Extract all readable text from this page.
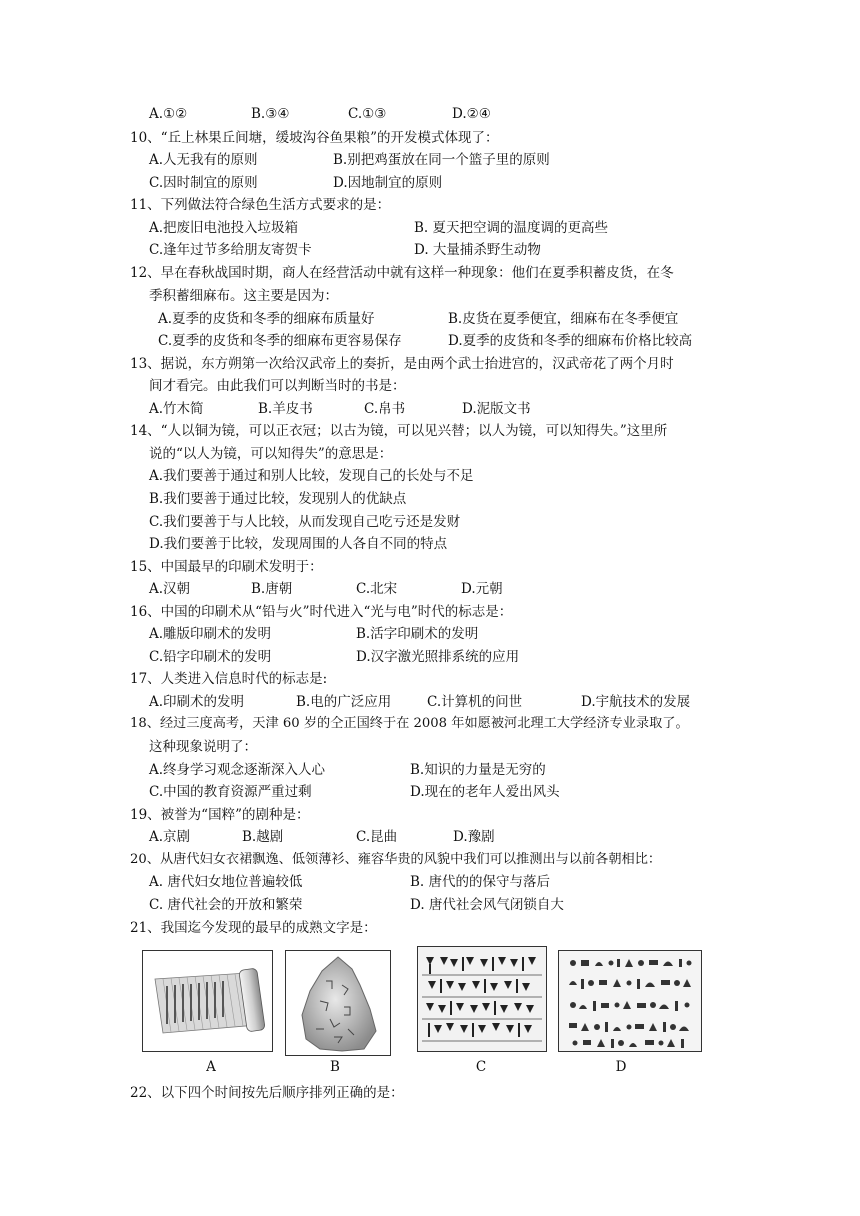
A.①②	B.③④	C.①③	D.②④
10、“丘上林果丘间塘，缓坡沟谷鱼果粮”的开发模式体现了：
A.人无我有的原则	B.别把鸡蛋放在同一个篮子里的原则
C.因时制宜的原则	D.因地制宜的原则
11、下列做法符合绿色生活方式要求的是：
A.把废旧电池投入垃圾箱	B. 夏天把空调的温度调的更高些
C.逢年过节多给朋友寄贺卡	D. 大量捕杀野生动物
12、早在春秋战国时期，商人在经营活动中就有这样一种现象：他们在夏季积蓄皮货，在冬
季积蓄细麻布。这主要是因为：
A.夏季的皮货和冬季的细麻布质量好	B.皮货在夏季便宜，细麻布在冬季便宜
C.夏季的皮货和冬季的细麻布更容易保存	D.夏季的皮货和冬季的细麻布价格比较高
13、据说，东方朔第一次给汉武帝上的奏折，是由两个武士抬进宫的，汉武帝花了两个月时
间才看完。由此我们可以判断当时的书是：
A.竹木简	B.羊皮书	C.帛书	D.泥版文书
14、“人以铜为镜，可以正衣冠；以古为镜，可以见兴替；以人为镜，可以知得失。”这里所
说的“以人为镜，可以知得失”的意思是：
A.我们要善于通过和别人比较，发现自己的长处与不足
B.我们要善于通过比较，发现别人的优缺点
C.我们要善于与人比较，从而发现自己吃亏还是发财
D.我们要善于比较，发现周围的人各自不同的特点
15、中国最早的印刷术发明于：
A.汉朝	B.唐朝	C.北宋	D.元朝
16、中国的印刷术从“铅与火”时代进入“光与电”时代的标志是：
A.雕版印刷术的发明	B.活字印刷术的发明
C.铅字印刷术的发明	D.汉字激光照排系统的应用
17、人类进入信息时代的标志是:
A.印刷术的发明	B.电的广泛应用	C.计算机的问世	D.宇航技术的发展
18、经过三度高考，天津 60 岁的仝正国终于在 2008 年如愿被河北理工大学经济专业录取了。
这种现象说明了：
A.终身学习观念逐渐深入人心	B.知识的力量是无穷的
C.中国的教育资源严重过剩	D.现在的老年人爱出风头
19、被誉为“国粹”的剧种是：
A.京剧	B.越剧	C.昆曲	D.豫剧
20、从唐代妇女衣裙飘逸、低领薄衫、雍容华贵的风貌中我们可以推测出与以前各朝相比：
A. 唐代妇女地位普遍较低	B. 唐代的的保守与落后
C. 唐代社会的开放和繁荣	D. 唐代社会风气闭锁自大
21、我国迄今发现的最早的成熟文字是：
A	B	C	D
22、以下四个时间按先后顺序排列正确的是：
